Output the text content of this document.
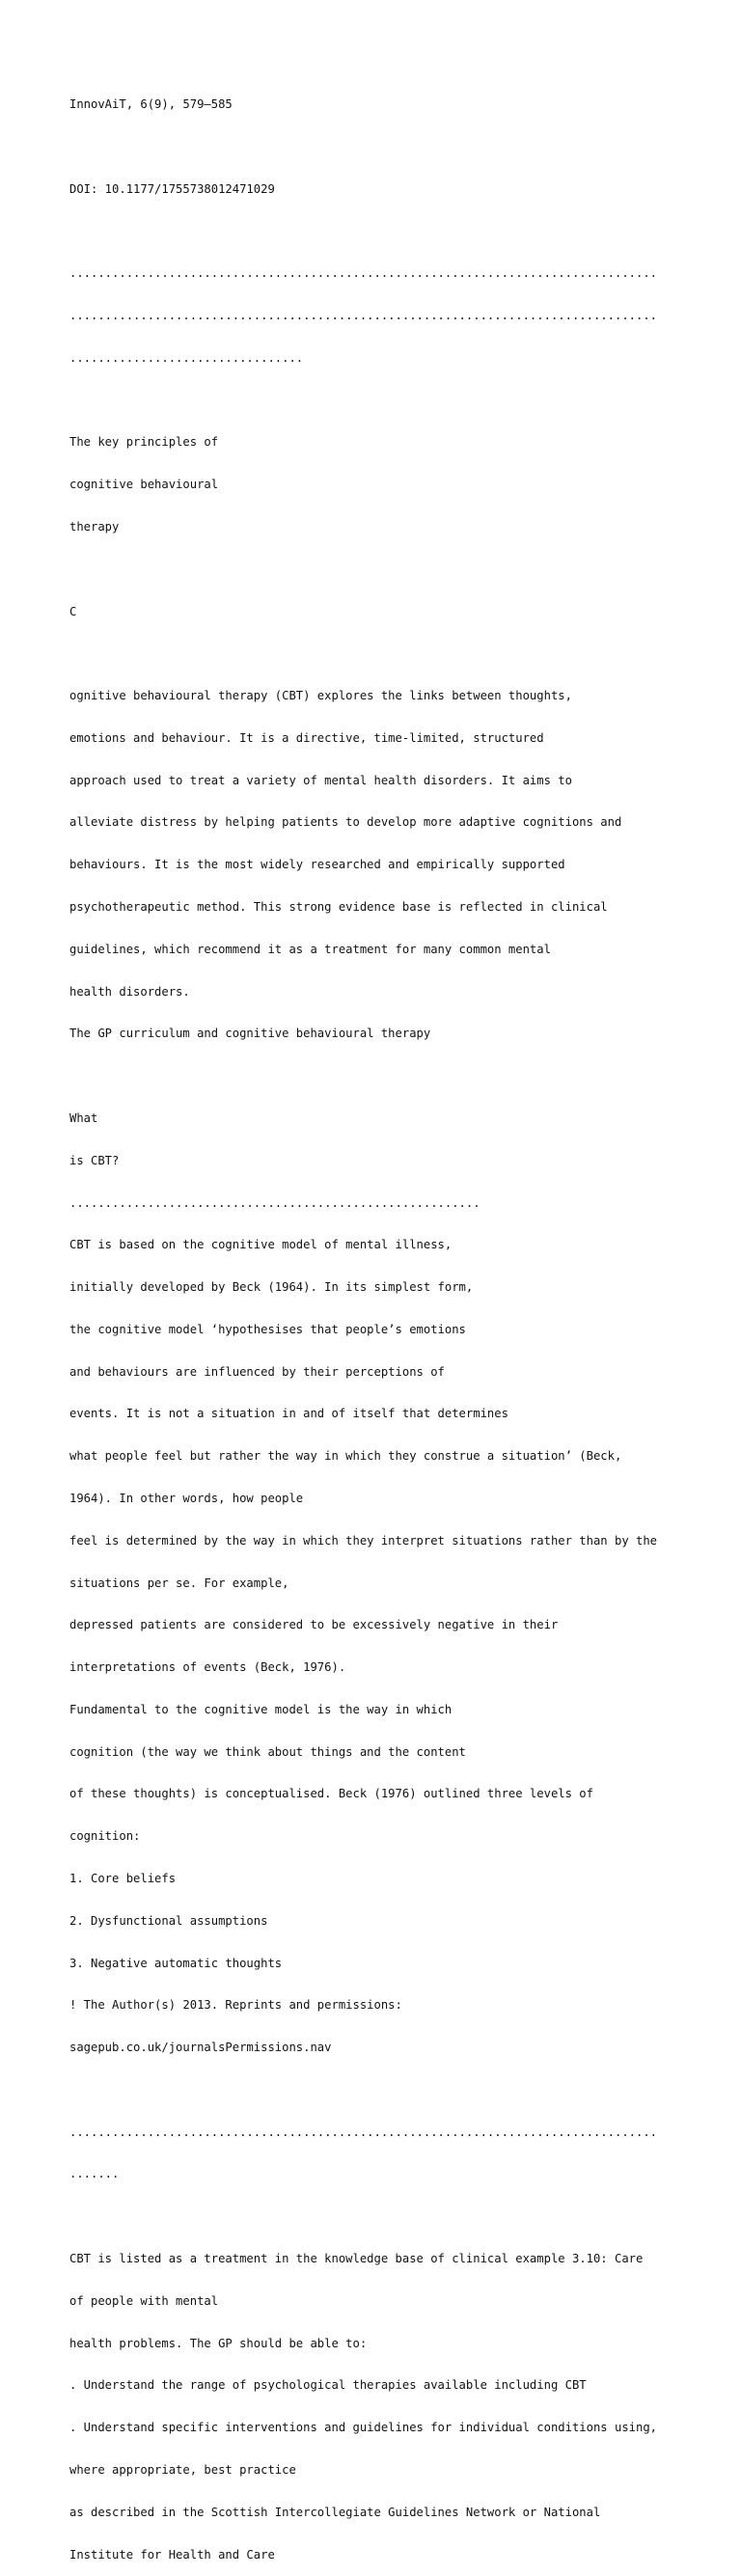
InnovAiT, 6(9), 579–585

DOI: 10.1177/1755738012471029

...................................................................................

...................................................................................

.................................

The key principles of

cognitive behavioural

therapy

C

ognitive behavioural therapy (CBT) explores the links between thoughts,

emotions and behaviour. It is a directive, time-limited, structured

approach used to treat a variety of mental health disorders. It aims to

alleviate distress by helping patients to develop more adaptive cognitions and

behaviours. It is the most widely researched and empirically supported

psychotherapeutic method. This strong evidence base is reflected in clinical

guidelines, which recommend it as a treatment for many common mental

health disorders.

The GP curriculum and cognitive behavioural therapy

What

is CBT?

..........................................................

CBT is based on the cognitive model of mental illness,

initially developed by Beck (1964). In its simplest form,

the cognitive model ‘hypothesises that people’s emotions

and behaviours are influenced by their perceptions of

events. It is not a situation in and of itself that determines

what people feel but rather the way in which they construe a situation’ (Beck,

1964). In other words, how people

feel is determined by the way in which they interpret situations rather than by the

situations per se. For example,

depressed patients are considered to be excessively negative in their

interpretations of events (Beck, 1976).

Fundamental to the cognitive model is the way in which

cognition (the way we think about things and the content

of these thoughts) is conceptualised. Beck (1976) outlined three levels of

cognition:

1. Core beliefs

2. Dysfunctional assumptions

3. Negative automatic thoughts

! The Author(s) 2013. Reprints and permissions:

sagepub.co.uk/journalsPermissions.nav

...................................................................................

.......

CBT is listed as a treatment in the knowledge base of clinical example 3.10: Care

of people with mental

health problems. The GP should be able to:

. Understand the range of psychological therapies available including CBT

. Understand specific interventions and guidelines for individual conditions using,

where appropriate, best practice

as described in the Scottish Intercollegiate Guidelines Network or National

Institute for Health and Care
